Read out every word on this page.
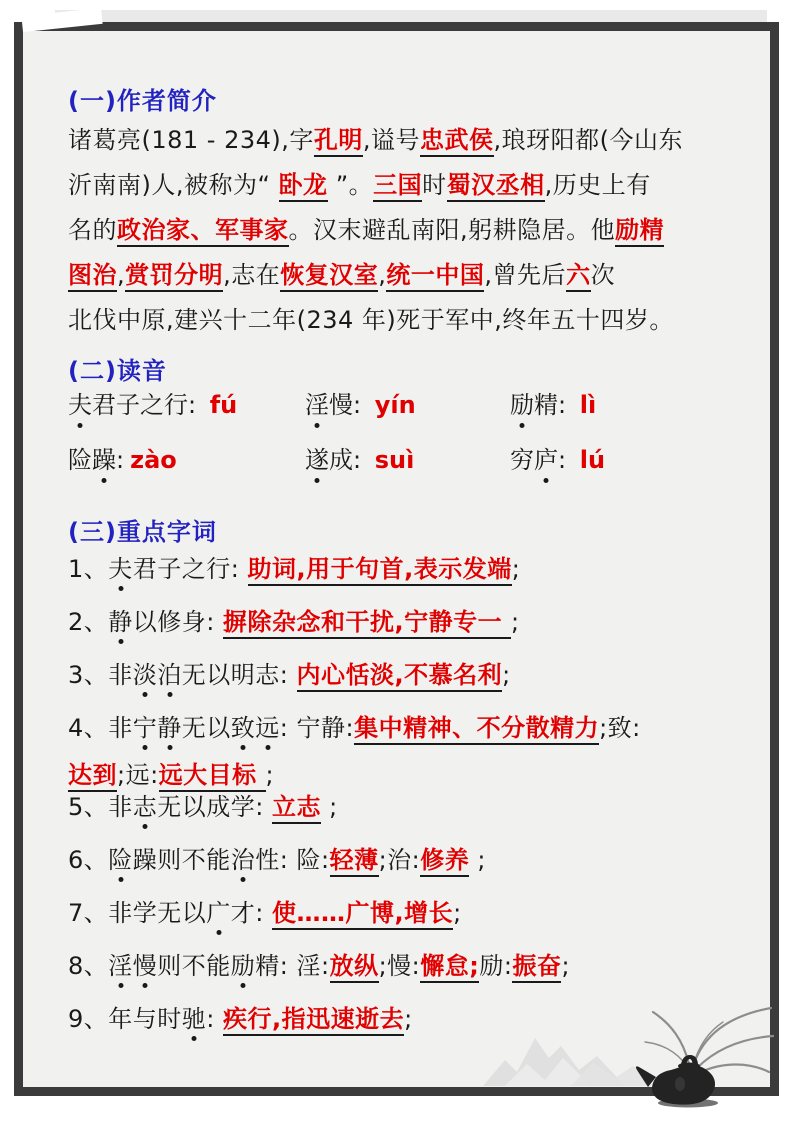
(一)作者简介
诸葛亮(181 - 234),字孔明,谥号忠武侯,琅玡阳都(今山东
沂南南)人,被称为“ 卧龙 ”。三国时蜀汉丞相,历史上有
名的政治家、军事家。汉末避乱南阳,躬耕隐居。他励精
图治,赏罚分明,志在恢复汉室,统一中国,曾先后六次
北伐中原,建兴十二年(234 年)死于军中,终年五十四岁。
(二)读音
夫君子之行: fú	淫慢: yín	励精: lì
险躁: zào	遂成: suì	穷庐: lú
(三)重点字词
1、夫君子之行: 助词,用于句首,表示发端;
2、静以修身: 摒除杂念和干扰,宁静专一 ;
3、非淡泊无以明志: 内心恬淡,不慕名利;
4、非宁静无以致远: 宁静:集中精神、不分散精力;致:
达到;远:远大目标 ;
5、非志无以成学: 立志 ;
6、险躁则不能治性: 险:轻薄;治:修养 ;
7、非学无以广才: 使……广博,增长;
8、淫慢则不能励精: 淫:放纵;慢:懈怠;励:振奋;
9、年与时驰: 疾行,指迅速逝去;
